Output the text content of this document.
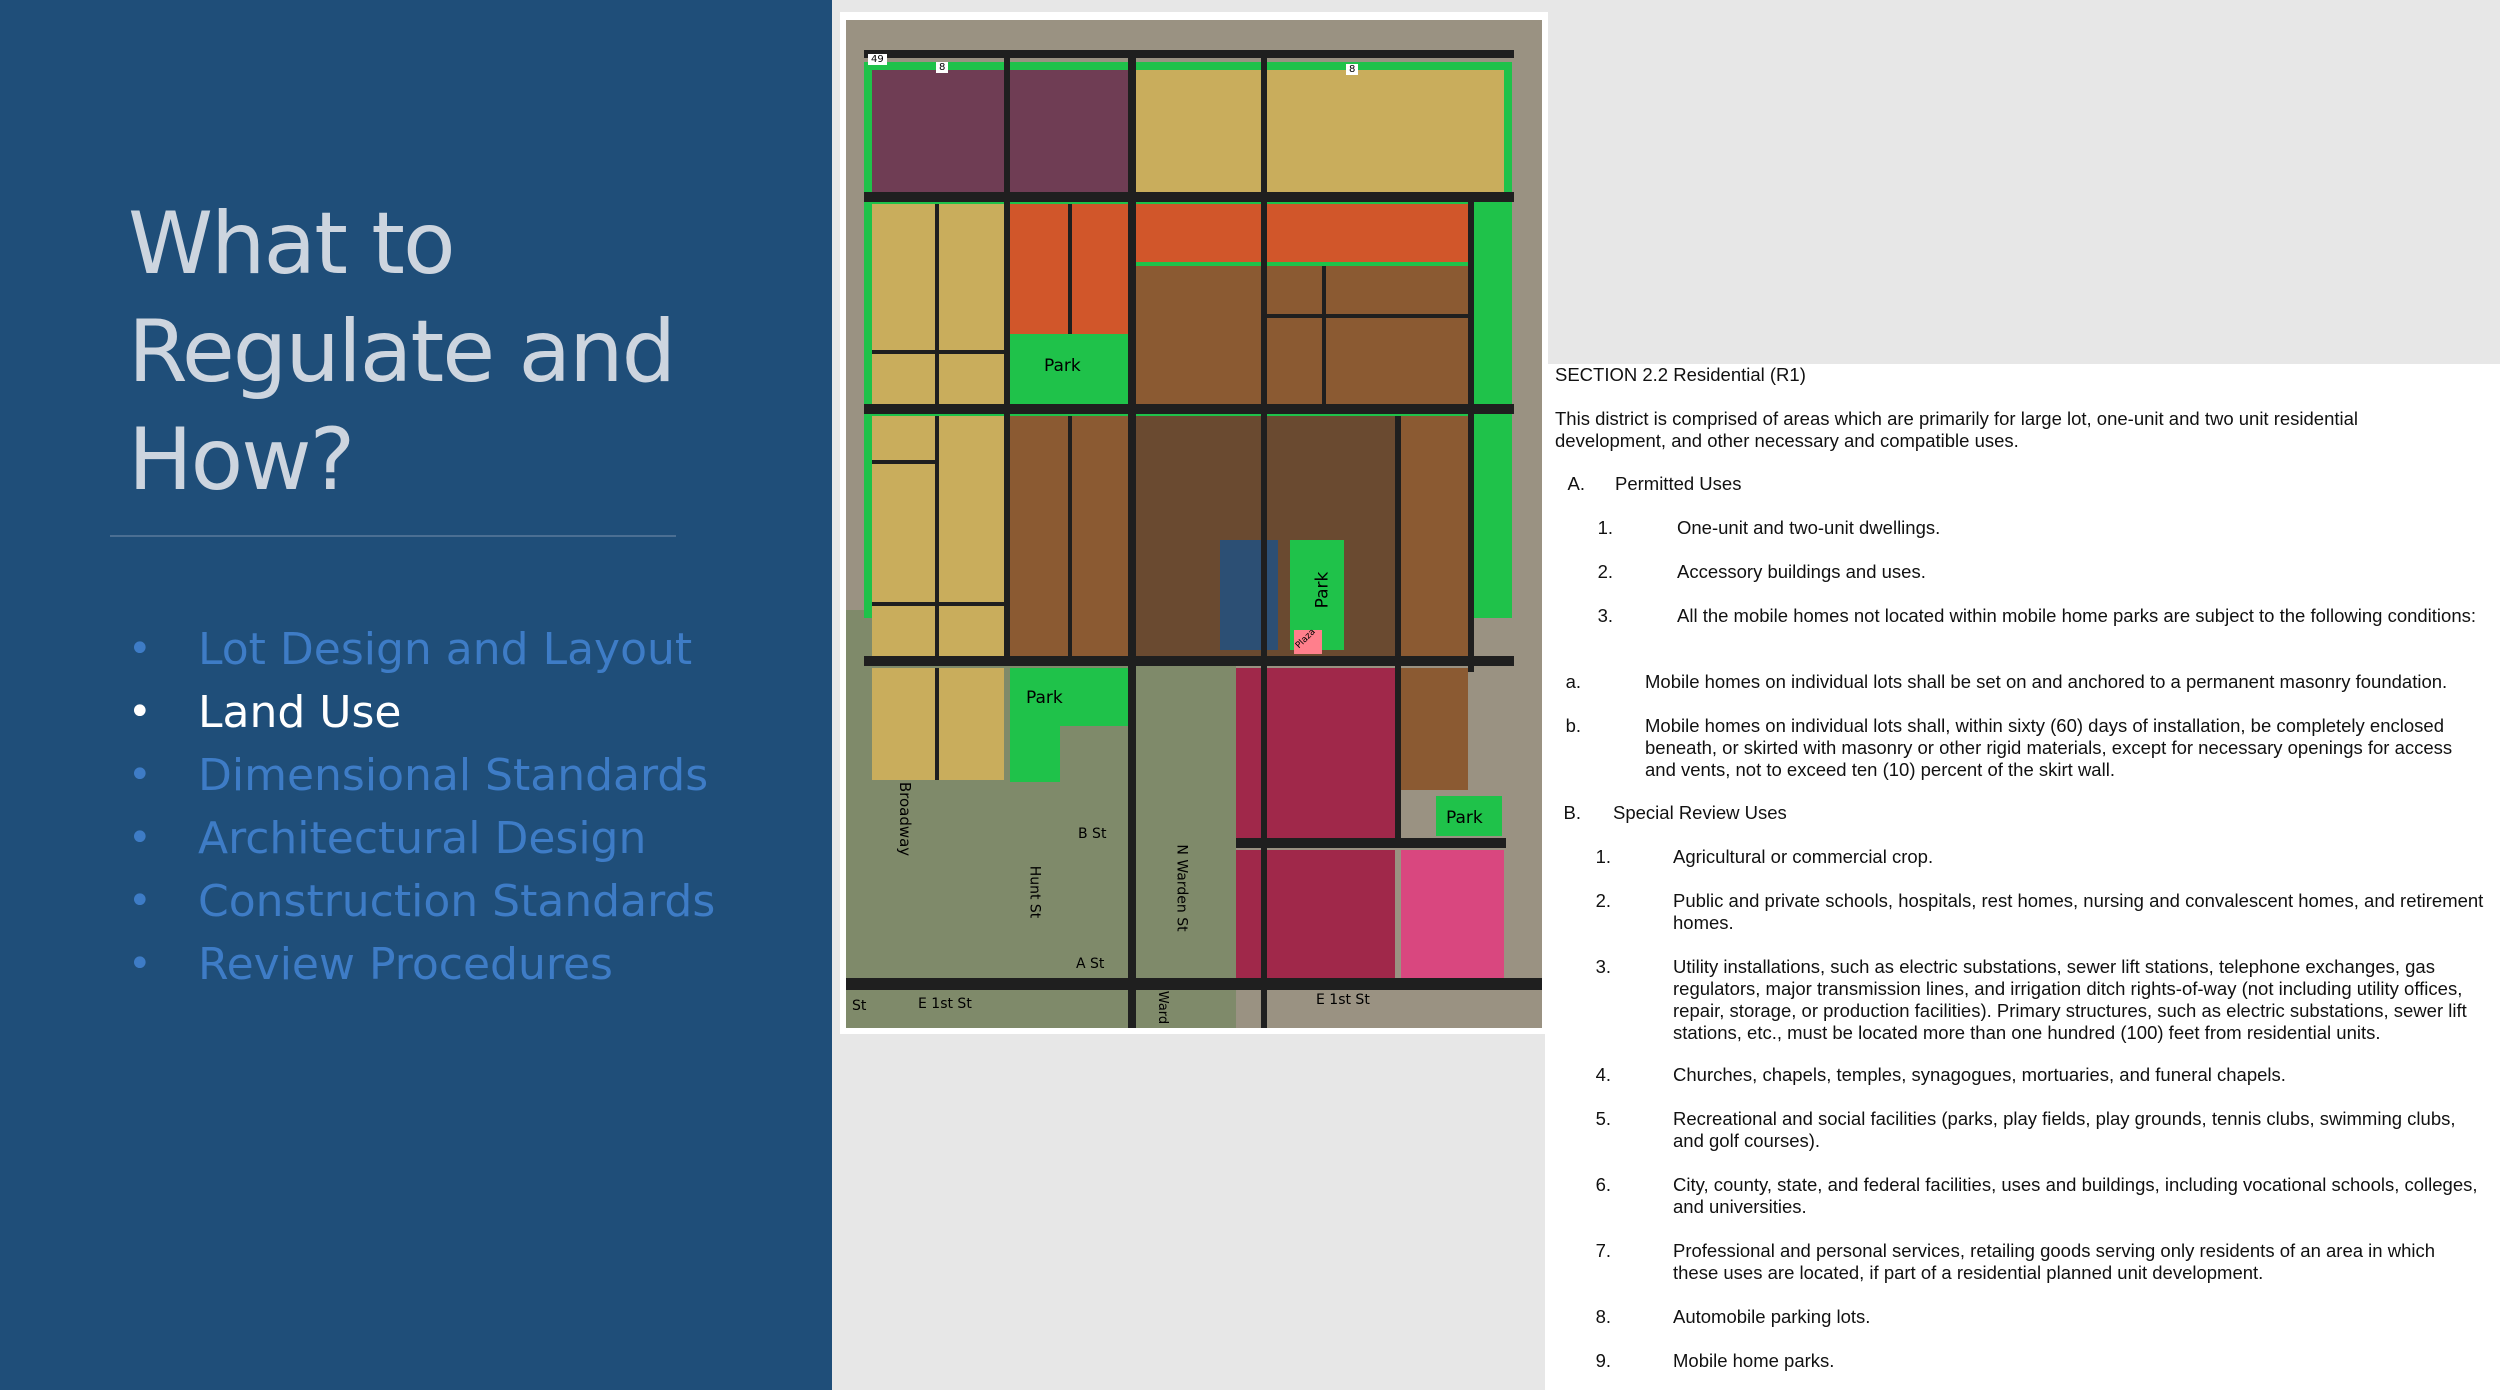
What to Regulate and How?
• Lot Design and Layout
• Land Use
• Dimensional Standards
• Architectural Design
• Construction Standards
• Review Procedures
Park
Park
Park
Park
Plaza
Broadway	B St
A St
Hunt St	N Warden St
E 1st St	E 1st St
St	Ward
49
8	8
SECTION 2.2 Residential (R1)
This district is comprised of areas which are primarily for large lot, one-unit and two unit residential development, and other necessary and compatible uses.
A. Permitted Uses
1.	One-unit and two-unit dwellings.
2.	Accessory buildings and uses.
3.	All the mobile homes not located within mobile home parks are subject to the following conditions:
a.	Mobile homes on individual lots shall be set on and anchored to a permanent masonry foundation.
b.	Mobile homes on individual lots shall, within sixty (60) days of installation, be completely enclosed beneath, or skirted with masonry or other rigid materials, except for necessary openings for access and vents, not to exceed ten (10) percent of the skirt wall.
B. Special Review Uses
1.	Agricultural or commercial crop.
2.	Public and private schools, hospitals, rest homes, nursing and convalescent homes, and retirement homes.
3.	Utility installations, such as electric substations, sewer lift stations, telephone exchanges, gas regulators, major transmission lines, and irrigation ditch rights-of-way (not including utility offices, repair, storage, or production facilities). Primary structures, such as electric substations, sewer lift stations, etc., must be located more than one hundred (100) feet from residential units.
4.	Churches, chapels, temples, synagogues, mortuaries, and funeral chapels.
5.	Recreational and social facilities (parks, play fields, play grounds, tennis clubs, swimming clubs, and golf courses).
6.	City, county, state, and federal facilities, uses and buildings, including vocational schools, colleges, and universities.
7.	Professional and personal services, retailing goods serving only residents of an area in which these uses are located, if part of a residential planned unit development.
8.	Automobile parking lots.
9.	Mobile home parks.
